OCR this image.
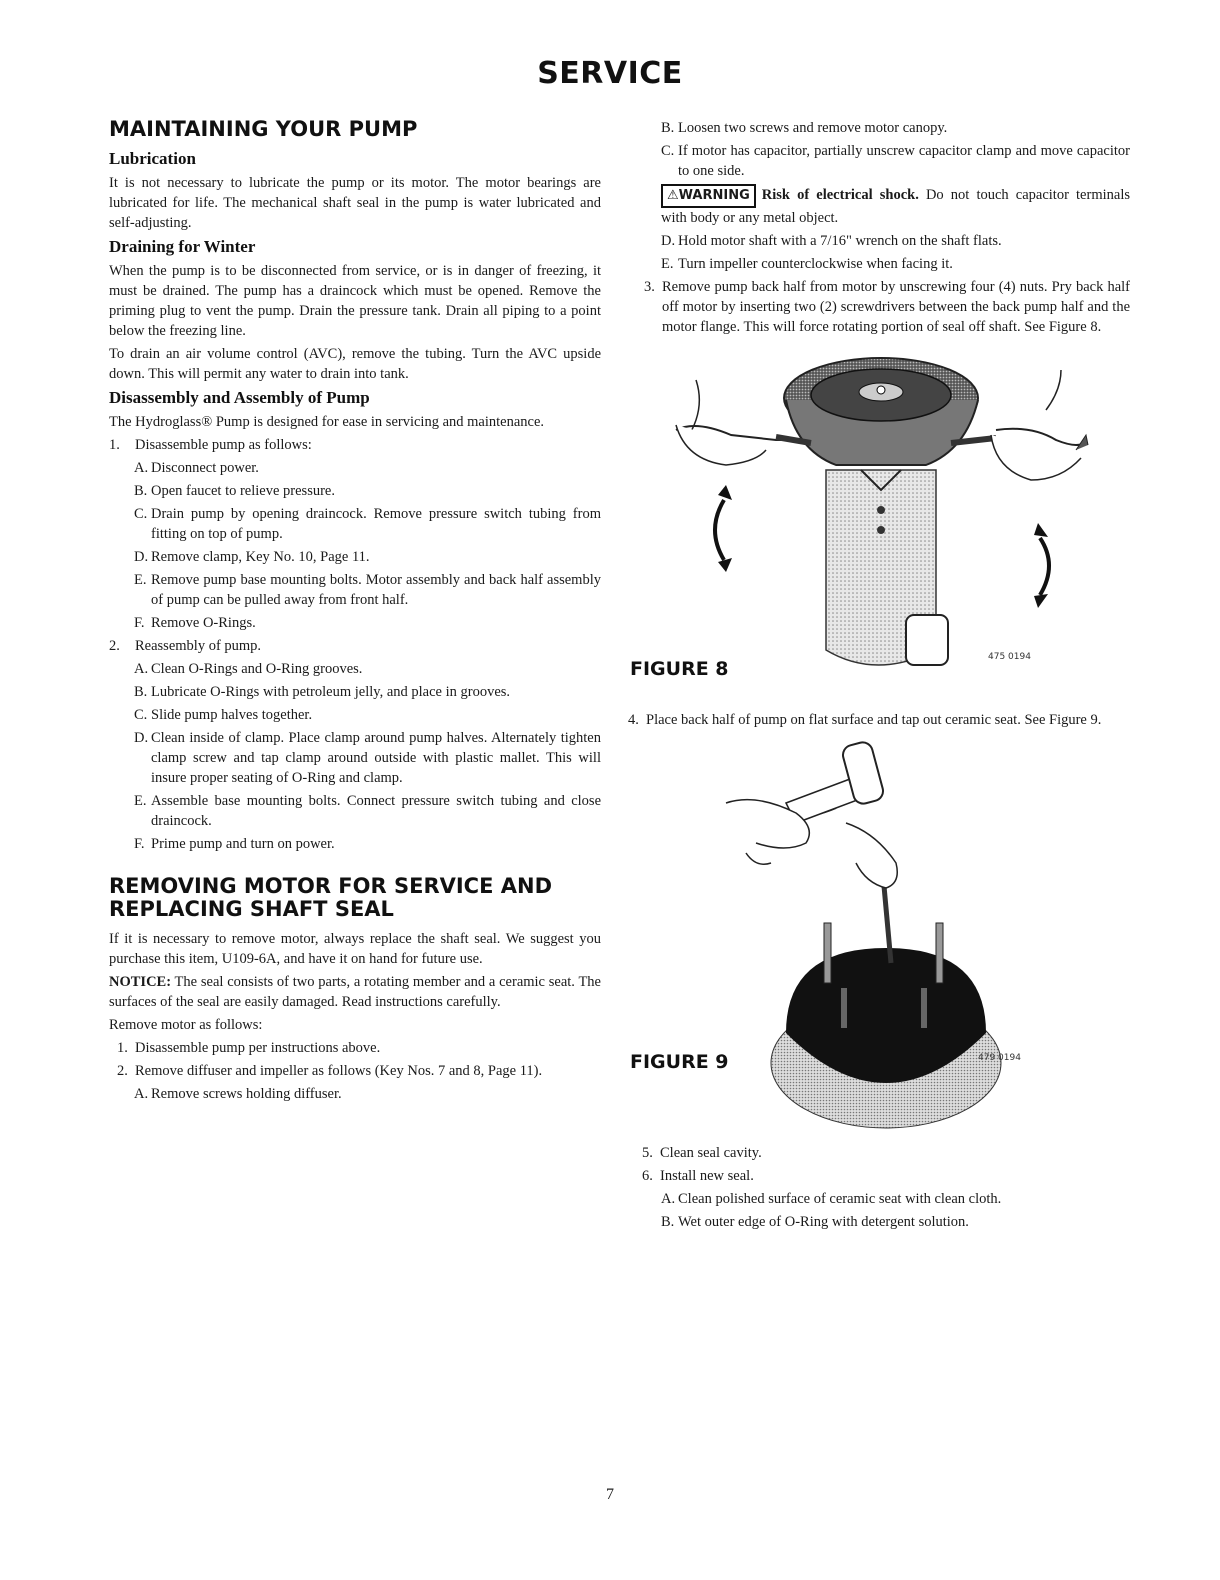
SERVICE
MAINTAINING YOUR PUMP
Lubrication

It is not necessary to lubricate the pump or its motor. The motor bearings are lubricated for life. The mechanical shaft seal in the pump is water lubricated and self-adjusting.

Draining for Winter

When the pump is to be disconnected from service, or is in danger of freezing, it must be drained. The pump has a draincock which must be opened. Remove the priming plug to vent the pump. Drain the pressure tank. Drain all piping to a point below the freezing line.

To drain an air volume control (AVC), remove the tubing. Turn the AVC upside down. This will permit any water to drain into tank.

Disassembly and Assembly of Pump

The Hydroglass® Pump is designed for ease in servicing and maintenance.

1.	Disassemble pump as follows:
A. Disconnect power.
B. Open faucet to relieve pressure.
C. Drain pump by opening draincock. Remove pressure switch tubing from fitting on top of pump.
D. Remove clamp, Key No. 10, Page 11.
E. Remove pump base mounting bolts. Motor assembly and back half assembly of pump can be pulled away from front half.
F. Remove O-Rings.
2.	Reassembly of pump.
A. Clean O-Rings and O-Ring grooves.
B. Lubricate O-Rings with petroleum jelly, and place in grooves.
C. Slide pump halves together.
D. Clean inside of clamp. Place clamp around pump halves. Alternately tighten clamp screw and tap clamp around outside with plastic mallet. This will insure proper seating of O-Ring and clamp.
E. Assemble base mounting bolts. Connect pressure switch tubing and close draincock.
F. Prime pump and turn on power.
REMOVING MOTOR FOR SERVICE AND REPLACING SHAFT SEAL

If it is necessary to remove motor, always replace the shaft seal. We suggest you purchase this item, U109-6A, and have it on hand for future use.

NOTICE: The seal consists of two parts, a rotating member and a ceramic seat. The surfaces of the seal are easily damaged. Read instructions carefully.

Remove motor as follows:

1. Disassemble pump per instructions above.
2. Remove diffuser and impeller as follows (Key Nos. 7 and 8, Page 11).
A. Remove screws holding diffuser.
B. Loosen two screws and remove motor canopy.
C. If motor has capacitor, partially unscrew capacitor clamp and move capacitor to one side.
⚠WARNING Risk of electrical shock. Do not touch capacitor terminals with body or any metal object.
D. Hold motor shaft with a 7/16" wrench on the shaft flats.
E. Turn impeller counterclockwise when facing it.
3. Remove pump back half from motor by unscrewing four (4) nuts. Pry back half off motor by inserting two (2) screwdrivers between the back pump half and the motor flange. This will force rotating portion of seal off shaft. See Figure 8.
FIGURE 8
475 0194
4. Place back half of pump on flat surface and tap out ceramic seat. See Figure 9.
FIGURE 9	479 0194
5. Clean seal cavity.
6. Install new seal.
A. Clean polished surface of ceramic seat with clean cloth.
B. Wet outer edge of O-Ring with detergent solution.
7
